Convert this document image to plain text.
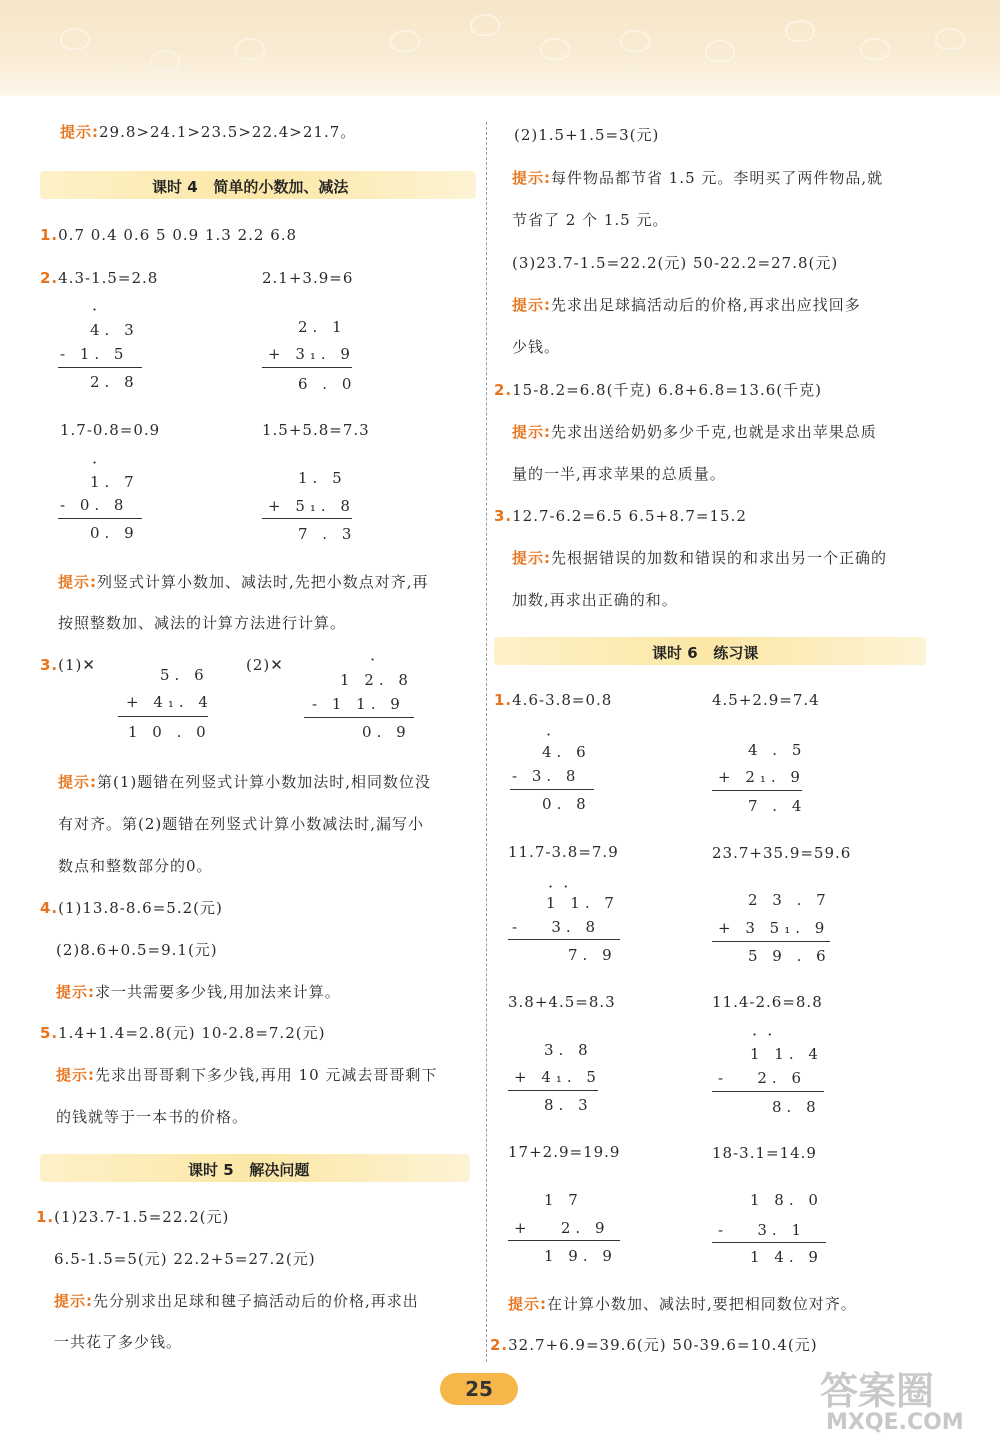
提示:29.8>24.1>23.5>22.4>21.7。
课时 4 简单的小数加、减法
1.0.7 0.4 0.6 5 0.9 1.3 2.2 6.8
2.4.3-1.5=2.8	2.1+3.9=6
·
4. 3
- 1. 5
2. 8
2. 1
+ 3₁. 9
6 . 0
1.7-0.8=0.9	1.5+5.8=7.3
·
1. 7
- 0. 8
0. 9
1. 5
+ 5₁. 8
7 . 3
提示:列竖式计算小数加、减法时,先把小数点对齐,再
按照整数加、减法的计算方法进行计算。
3.(1)✕	(2)✕
5. 6
+ 4₁. 4
1 0 . 0
·
1 2. 8
- 1 1. 9
0. 9
提示:第(1)题错在列竖式计算小数加法时,相同数位没
有对齐。第(2)题错在列竖式计算小数减法时,漏写小
数点和整数部分的0。
4.(1)13.8-8.6=5.2(元)
(2)8.6+0.5=9.1(元)
提示:求一共需要多少钱,用加法来计算。
5.1.4+1.4=2.8(元) 10-2.8=7.2(元)
提示:先求出哥哥剩下多少钱,再用 10 元减去哥哥剩下
的钱就等于一本书的价格。
课时 5 解决问题
1.(1)23.7-1.5=22.2(元)
6.5-1.5=5(元) 22.2+5=27.2(元)
提示:先分别求出足球和毽子搞活动后的价格,再求出
一共花了多少钱。
(2)1.5+1.5=3(元)
提示:每件物品都节省 1.5 元。李明买了两件物品,就
节省了 2 个 1.5 元。
(3)23.7-1.5=22.2(元) 50-22.2=27.8(元)
提示:先求出足球搞活动后的价格,再求出应找回多
少钱。
2.15-8.2=6.8(千克) 6.8+6.8=13.6(千克)
提示:先求出送给奶奶多少千克,也就是求出苹果总质
量的一半,再求苹果的总质量。
3.12.7-6.2=6.5 6.5+8.7=15.2
提示:先根据错误的加数和错误的和求出另一个正确的
加数,再求出正确的和。
课时 6 练习课
1.4.6-3.8=0.8	4.5+2.9=7.4
·
4. 6
- 3. 8
0. 8
4 . 5
+ 2₁. 9
7 . 4
11.7-3.8=7.9	23.7+35.9=59.6
·  ·
1 1. 7
-   3. 8
7. 9
2 3 . 7
+ 3 5₁. 9
5 9 . 6
3.8+4.5=8.3	11.4-2.6=8.8
3. 8
+ 4₁. 5
8. 3
·  ·
1 1. 4
-   2. 6
8. 8
17+2.9=19.9	18-3.1=14.9
1 7
+   2. 9
1 9. 9
1 8. 0
-   3. 1
1 4. 9
提示:在计算小数加、减法时,要把相同数位对齐。
2.32.7+6.9=39.6(元) 50-39.6=10.4(元)
25	答案圈
MXQE.COM
